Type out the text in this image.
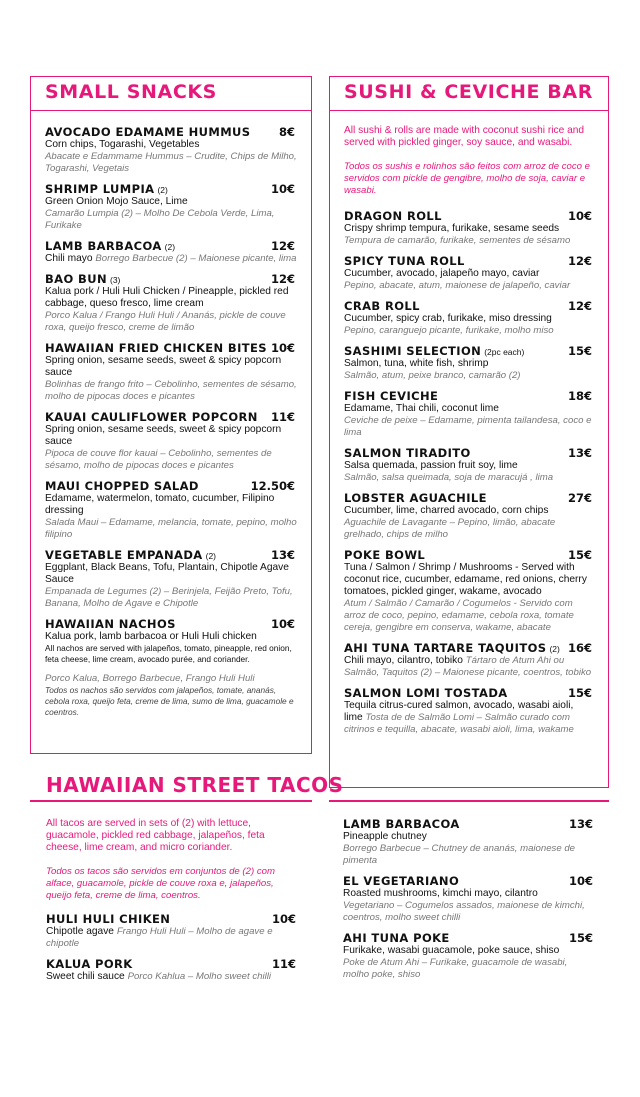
SMALL SNACKS
AVOCADO EDAMAME HUMMUS 8€
Corn chips, Togarashi, Vegetables
Abacate e Edammame Hummus – Crudite, Chips de Milho, Togarashi, Vegetais
SHRIMP LUMPIA (2)	10€
Green Onion Mojo Sauce, Lime
Camarão Lumpia (2) – Molho De Cebola Verde, Lima, Furikake
LAMB BARBACOA (2)	12€
Chili mayo Borrego Barbecue (2) – Maionese picante, lima
BAO BUN (3)	12€
Kalua pork / Huli Huli Chicken / Pineapple, pickled red cabbage, queso fresco, lime cream
Porco Kalua / Frango Huli Huli / Ananás, pickle de couve roxa, queijo fresco, creme de limão
HAWAIIAN FRIED CHICKEN BITES 10€
Spring onion, sesame seeds, sweet & spicy popcorn sauce
Bolinhas de frango frito – Cebolinho, sementes de sésamo, molho de pipocas doces e picantes
KAUAI CAULIFLOWER POPCORN 11€
Spring onion, sesame seeds, sweet & spicy popcorn sauce
Pipoca de couve flor kauai – Cebolinho, sementes de sésamo, molho de pipocas doces e picantes
MAUI CHOPPED SALAD	12.50€
Edamame, watermelon, tomato, cucumber, Filipino dressing
Salada Maui – Edamame, melancia, tomate, pepino, molho filipino
VEGETABLE EMPANADA (2)	13€
Eggplant, Black Beans, Tofu, Plantain, Chipotle Agave Sauce
Empanada de Legumes (2) – Berinjela, Feijão Preto, Tofu, Banana, Molho de Agave e Chipotle
HAWAIIAN NACHOS	10€
Kalua pork, lamb barbacoa or Huli Huli chicken
All nachos are served with jalapeños, tomato, pineapple, red onion, feta cheese, lime cream, avocado purée, and coriander.
Porco Kalua, Borrego Barbecue, Frango Huli Huli
Todos os nachos são servidos com jalapeños, tomate, ananás, cebola roxa, queijo feta, creme de lima, sumo de lima, guacamole e coentros.
SUSHI & CEVICHE BAR
All sushi & rolls are made with coconut sushi rice and served with pickled ginger, soy sauce, and wasabi.
Todos os sushis e rolinhos são feitos com arroz de coco e servidos com pickle de gengibre, molho de soja, caviar e wasabi.
DRAGON ROLL	10€
Crispy shrimp tempura, furikake, sesame seeds
Tempura de camarão, furikake, sementes de sésamo
SPICY TUNA ROLL	12€
Cucumber, avocado, jalapeño mayo, caviar
Pepino, abacate, atum, maionese de jalapeño, caviar
CRAB ROLL	12€
Cucumber, spicy crab, furikake, miso dressing
Pepino, caranguejo picante, furikake, molho miso
SASHIMI SELECTION (2pc each)	15€
Salmon, tuna, white fish, shrimp
Salmão, atum, peixe branco, camarão (2)
FISH CEVICHE	18€
Edamame, Thai chili, coconut lime
Ceviche de peixe – Edamame, pimenta tailandesa, coco e lima
SALMON TIRADITO	13€
Salsa quemada, passion fruit soy, lime
Salmão, salsa queimada, soja de maracujá , lima
LOBSTER AGUACHILE	27€
Cucumber, lime, charred avocado, corn chips
Aguachile de Lavagante – Pepino, limão, abacate grelhado, chips de milho
POKE BOWL	15€
Tuna / Salmon / Shrimp / Mushrooms - Served with coconut rice, cucumber, edamame, red onions, cherry tomatoes, pickled ginger, wakame, avocado
Atum / Salmão / Camarão / Cogumelos - Servido com arroz de coco, pepino, edamame, cebola roxa, tomate cereja, gengibre em conserva, wakame, abacate
AHI TUNA TARTARE TAQUITOS (2) 16€
Chili mayo, cilantro, tobiko Tártaro de Atum Ahi ou Salmão, Taquitos (2) – Maionese picante, coentros, tobiko
SALMON LOMI TOSTADA	15€
Tequila citrus-cured salmon, avocado, wasabi aioli, lime Tosta de de Salmão Lomi – Salmão curado com citrinos e tequilla, abacate, wasabi aioli, lima, wakame
HAWAIIAN STREET TACOS
All tacos are served in sets of (2) with lettuce, guacamole, pickled red cabbage, jalapeños, feta cheese, lime cream, and micro coriander.
Todos os tacos são servidos em conjuntos de (2) com alface, guacamole, pickle de couve roxa e, jalapeños, queijo feta, creme de lima, coentros.
HULI HULI CHIKEN	10€
Chipotle agave Frango Huli Huli – Molho de agave e chipotle
KALUA PORK	11€
Sweet chili sauce Porco Kahlua – Molho sweet chilli
LAMB BARBACOA	13€
Pineapple chutney
Borrego Barbecue – Chutney de ananás, maionese de pimenta
EL VEGETARIANO	10€
Roasted mushrooms, kimchi mayo, cilantro
Vegetariano – Cogumelos assados, maionese de kimchi, coentros, molho sweet chilli
AHI TUNA POKE	15€
Furikake, wasabi guacamole, poke sauce, shiso
Poke de Atum Ahi – Furikake, guacamole de wasabi, molho poke, shiso
